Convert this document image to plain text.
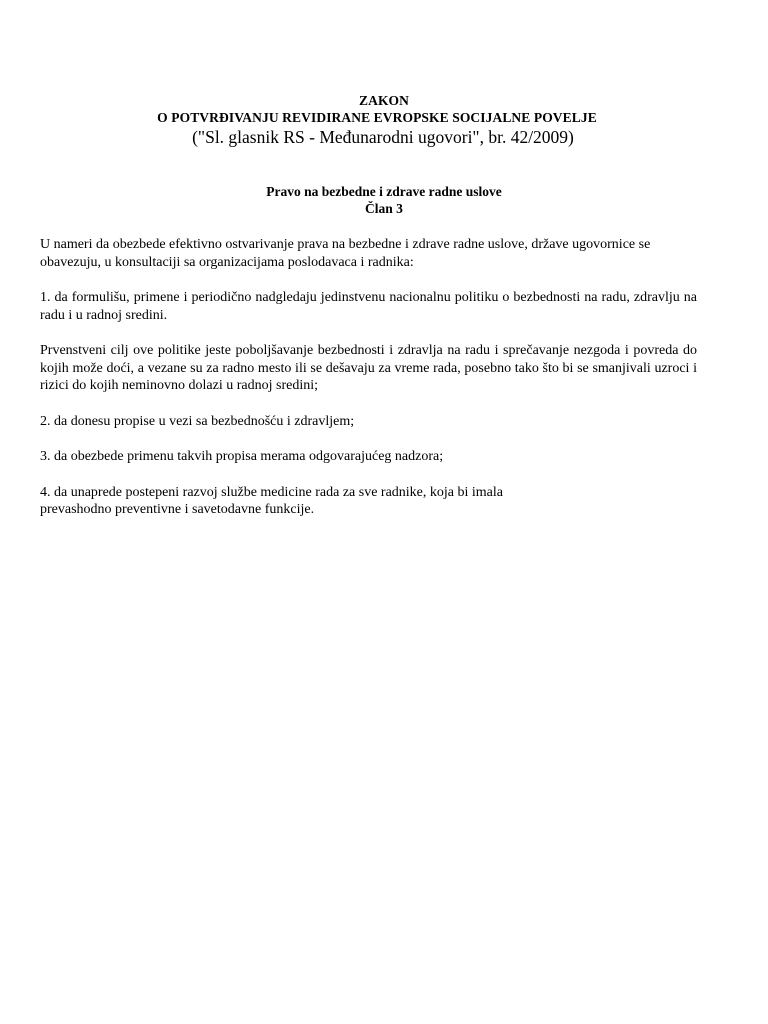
ZAKON
O POTVRĐIVANJU REVIDIRANE EVROPSKE SOCIJALNE POVELJE
("Sl. glasnik RS - Međunarodni ugovori", br. 42/2009)
Pravo na bezbedne i zdrave radne uslove
Član 3

U nameri da obezbede efektivno ostvarivanje prava na bezbedne i zdrave radne uslove, države ugovornice se obavezuju, u konsultaciji sa organizacijama poslodavaca i radnika:

1. da formulišu, primene i periodično nadgledaju jedinstvenu nacionalnu politiku o bezbednosti na radu, zdravlju na radu i u radnoj sredini.

Prvenstveni cilj ove politike jeste poboljšavanje bezbednosti i zdravlja na radu i sprečavanje nezgoda i povreda do kojih može doći, a vezane su za radno mesto ili se dešavaju za vreme rada, posebno tako što bi se smanjivali uzroci i rizici do kojih neminovno dolazi u radnoj sredini;

2. da donesu propise u vezi sa bezbednošću i zdravljem;

3. da obezbede primenu takvih propisa merama odgovarajućeg nadzora;

4. da unaprede postepeni razvoj službe medicine rada za sve radnike, koja bi imala prevashodno preventivne i savetodavne funkcije.
